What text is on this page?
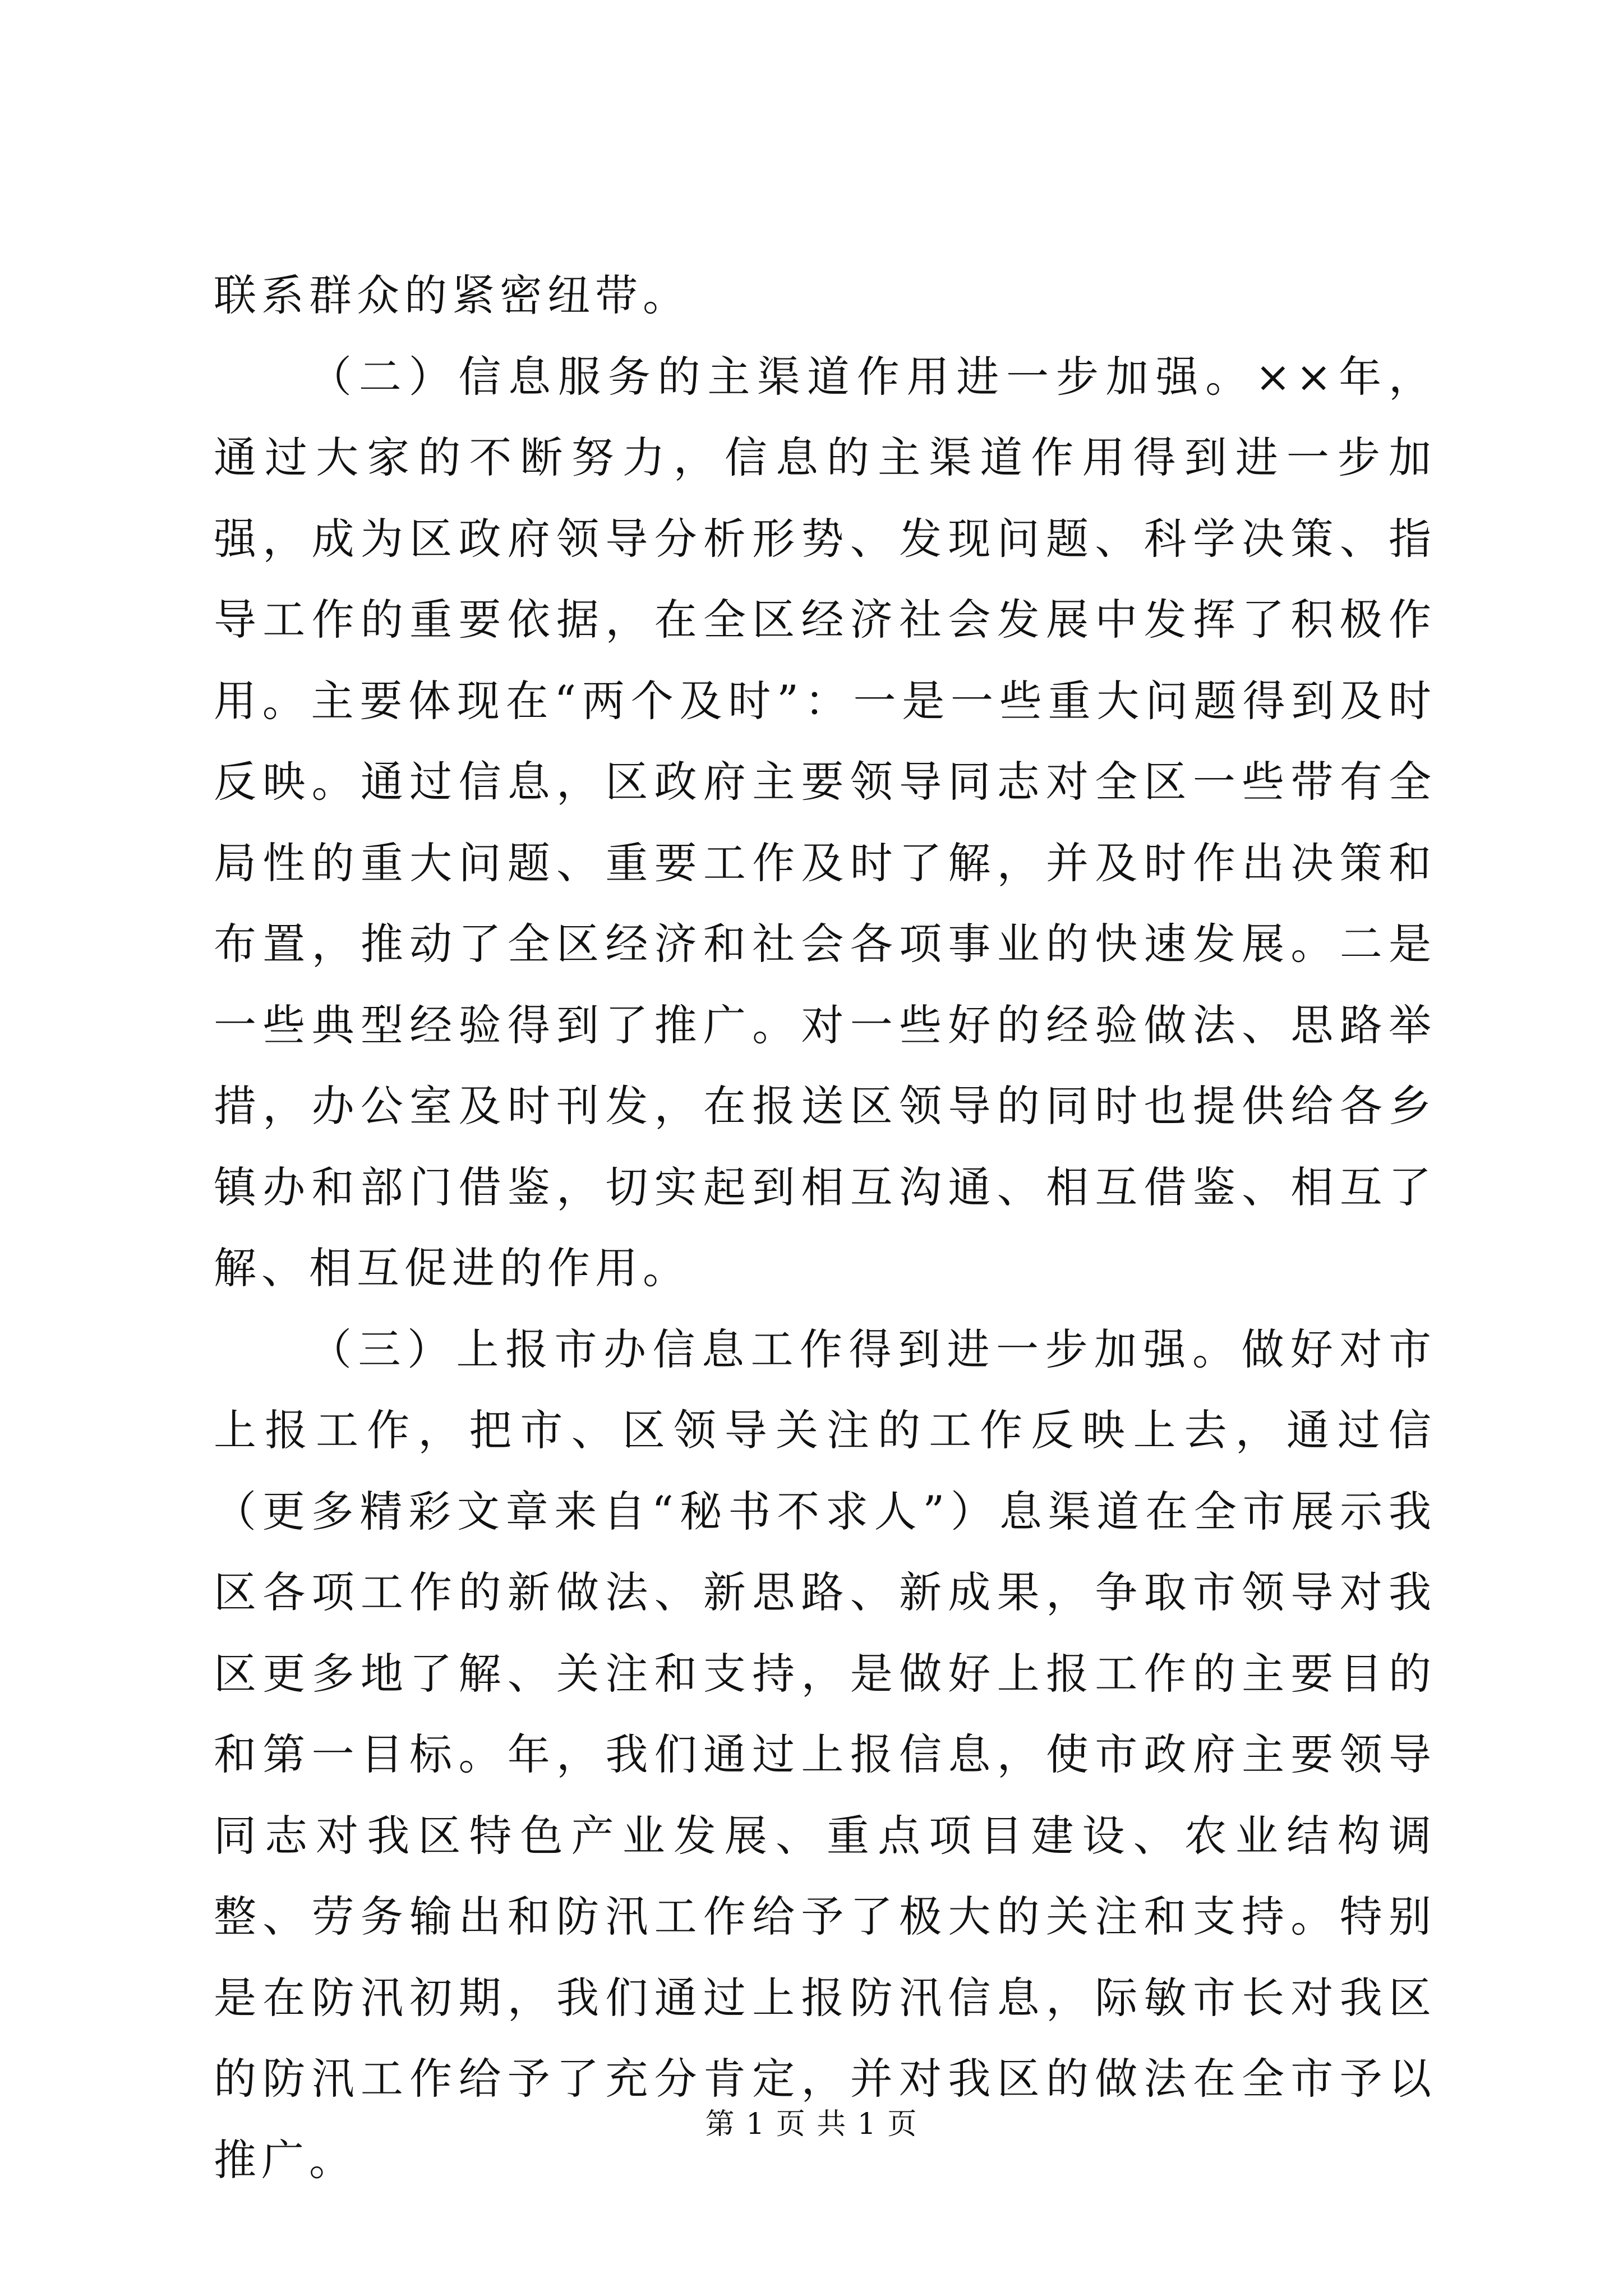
联系群众的紧密纽带。

（二）信息服务的主渠道作用进一步加强。××年，通过大家的不断努力，信息的主渠道作用得到进一步加强，成为区政府领导分析形势、发现问题、科学决策、指导工作的重要依据，在全区经济社会发展中发挥了积极作用。主要体现在“两个及时”：一是一些重大问题得到及时反映。通过信息，区政府主要领导同志对全区一些带有全局性的重大问题、重要工作及时了解，并及时作出决策和布置，推动了全区经济和社会各项事业的快速发展。二是一些典型经验得到了推广。对一些好的经验做法、思路举措，办公室及时刊发，在报送区领导的同时也提供给各乡镇办和部门借鉴，切实起到相互沟通、相互借鉴、相互了解、相互促进的作用。

（三）上报市办信息工作得到进一步加强。做好对市上报工作，把市、区领导关注的工作反映上去，通过信（更多精彩文章来自“秘书不求人”）息渠道在全市展示我区各项工作的新做法、新思路、新成果，争取市领导对我区更多地了解、关注和支持，是做好上报工作的主要目的和第一目标。年，我们通过上报信息，使市政府主要领导同志对我区特色产业发展、重点项目建设、农业结构调整、劳务输出和防汛工作给予了极大的关注和支持。特别是在防汛初期，我们通过上报防汛信息，际敏市长对我区的防汛工作给予了充分肯定，并对我区的做法在全市予以推广。

第 1 页 共 1 页
